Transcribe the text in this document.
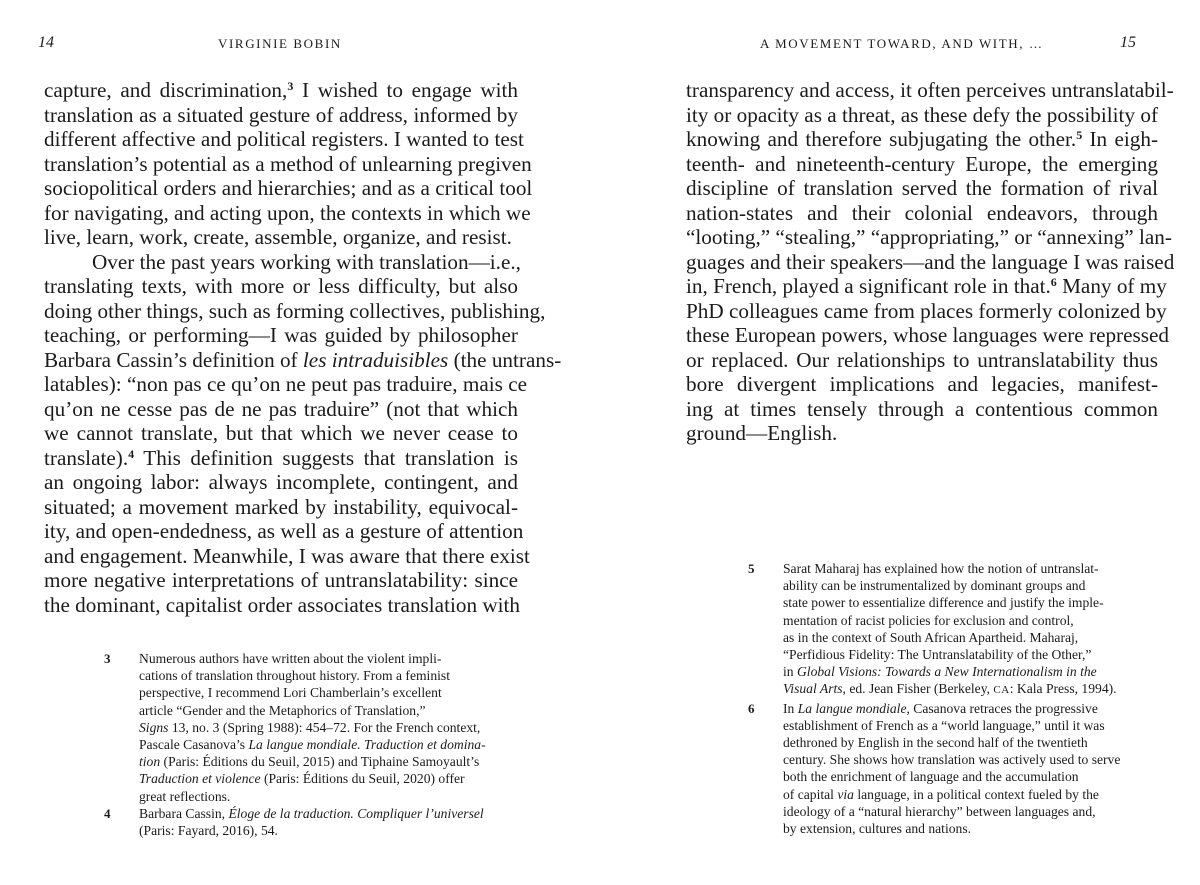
14	VIRGINIE BOBIN
capture, and discrimination,$^3$ I wished to engage with
translation as a situated gesture of address, informed by
different affective and political registers. I wanted to test
translation’s potential as a method of unlearning pregiven
sociopolitical orders and hierarchies; and as a critical tool
for navigating, and acting upon, the contexts in which we
live, learn, work, create, assemble, organize, and resist.
Over the past years working with translation—i.e.,
translating texts, with more or less difficulty, but also
doing other things, such as forming collectives, publishing,
teaching, or performing—I was guided by philosopher
Barbara Cassin’s definition of les intraduisibles (the untrans-
latables): “non pas ce qu’on ne peut pas traduire, mais ce
qu’on ne cesse pas de ne pas traduire” (not that which
we cannot translate, but that which we never cease to
translate).$^4$ This definition suggests that translation is
an ongoing labor: always incomplete, contingent, and
situated; a movement marked by instability, equivocal-
ity, and open-endedness, as well as a gesture of attention
and engagement. Meanwhile, I was aware that there exist
more negative interpretations of untranslatability: since
the dominant, capitalist order associates translation with
3 Numerous authors have written about the violent impli-
cations of translation throughout history. From a feminist
perspective, I recommend Lori Chamberlain’s excellent
article “Gender and the Metaphorics of Translation,”
Signs 13, no. 3 (Spring 1988): 454–72. For the French context,
Pascale Casanova’s La langue mondiale. Traduction et domina-
tion (Paris: Éditions du Seuil, 2015) and Tiphaine Samoyault’s
Traduction et violence (Paris: Éditions du Seuil, 2020) offer
great reflections.
4 Barbara Cassin, Éloge de la traduction. Compliquer l’universel
(Paris: Fayard, 2016), 54.
A MOVEMENT TOWARD, AND WITH, …	15
transparency and access, it often perceives untranslatabil-
ity or opacity as a threat, as these defy the possibility of
knowing and therefore subjugating the other.$^5$ In eigh-
teenth- and nineteenth-century Europe, the emerging
discipline of translation served the formation of rival
nation-states and their colonial endeavors, through
“looting,” “stealing,” “appropriating,” or “annexing” lan-
guages and their speakers—and the language I was raised
in, French, played a significant role in that.$^6$ Many of my
PhD colleagues came from places formerly colonized by
these European powers, whose languages were repressed
or replaced. Our relationships to untranslatability thus
bore divergent implications and legacies, manifest-
ing at times tensely through a contentious common
ground—English.
5 Sarat Maharaj has explained how the notion of untranslat-
ability can be instrumentalized by dominant groups and
state power to essentialize difference and justify the imple-
mentation of racist policies for exclusion and control,
as in the context of South African Apartheid. Maharaj,
“Perfidious Fidelity: The Untranslatability of the Other,”
in Global Visions: Towards a New Internationalism in the
Visual Arts, ed. Jean Fisher (Berkeley, CA: Kala Press, 1994).
6 In La langue mondiale, Casanova retraces the progressive
establishment of French as a “world language,” until it was
dethroned by English in the second half of the twentieth
century. She shows how translation was actively used to serve
both the enrichment of language and the accumulation
of capital via language, in a political context fueled by the
ideology of a “natural hierarchy” between languages and,
by extension, cultures and nations.
